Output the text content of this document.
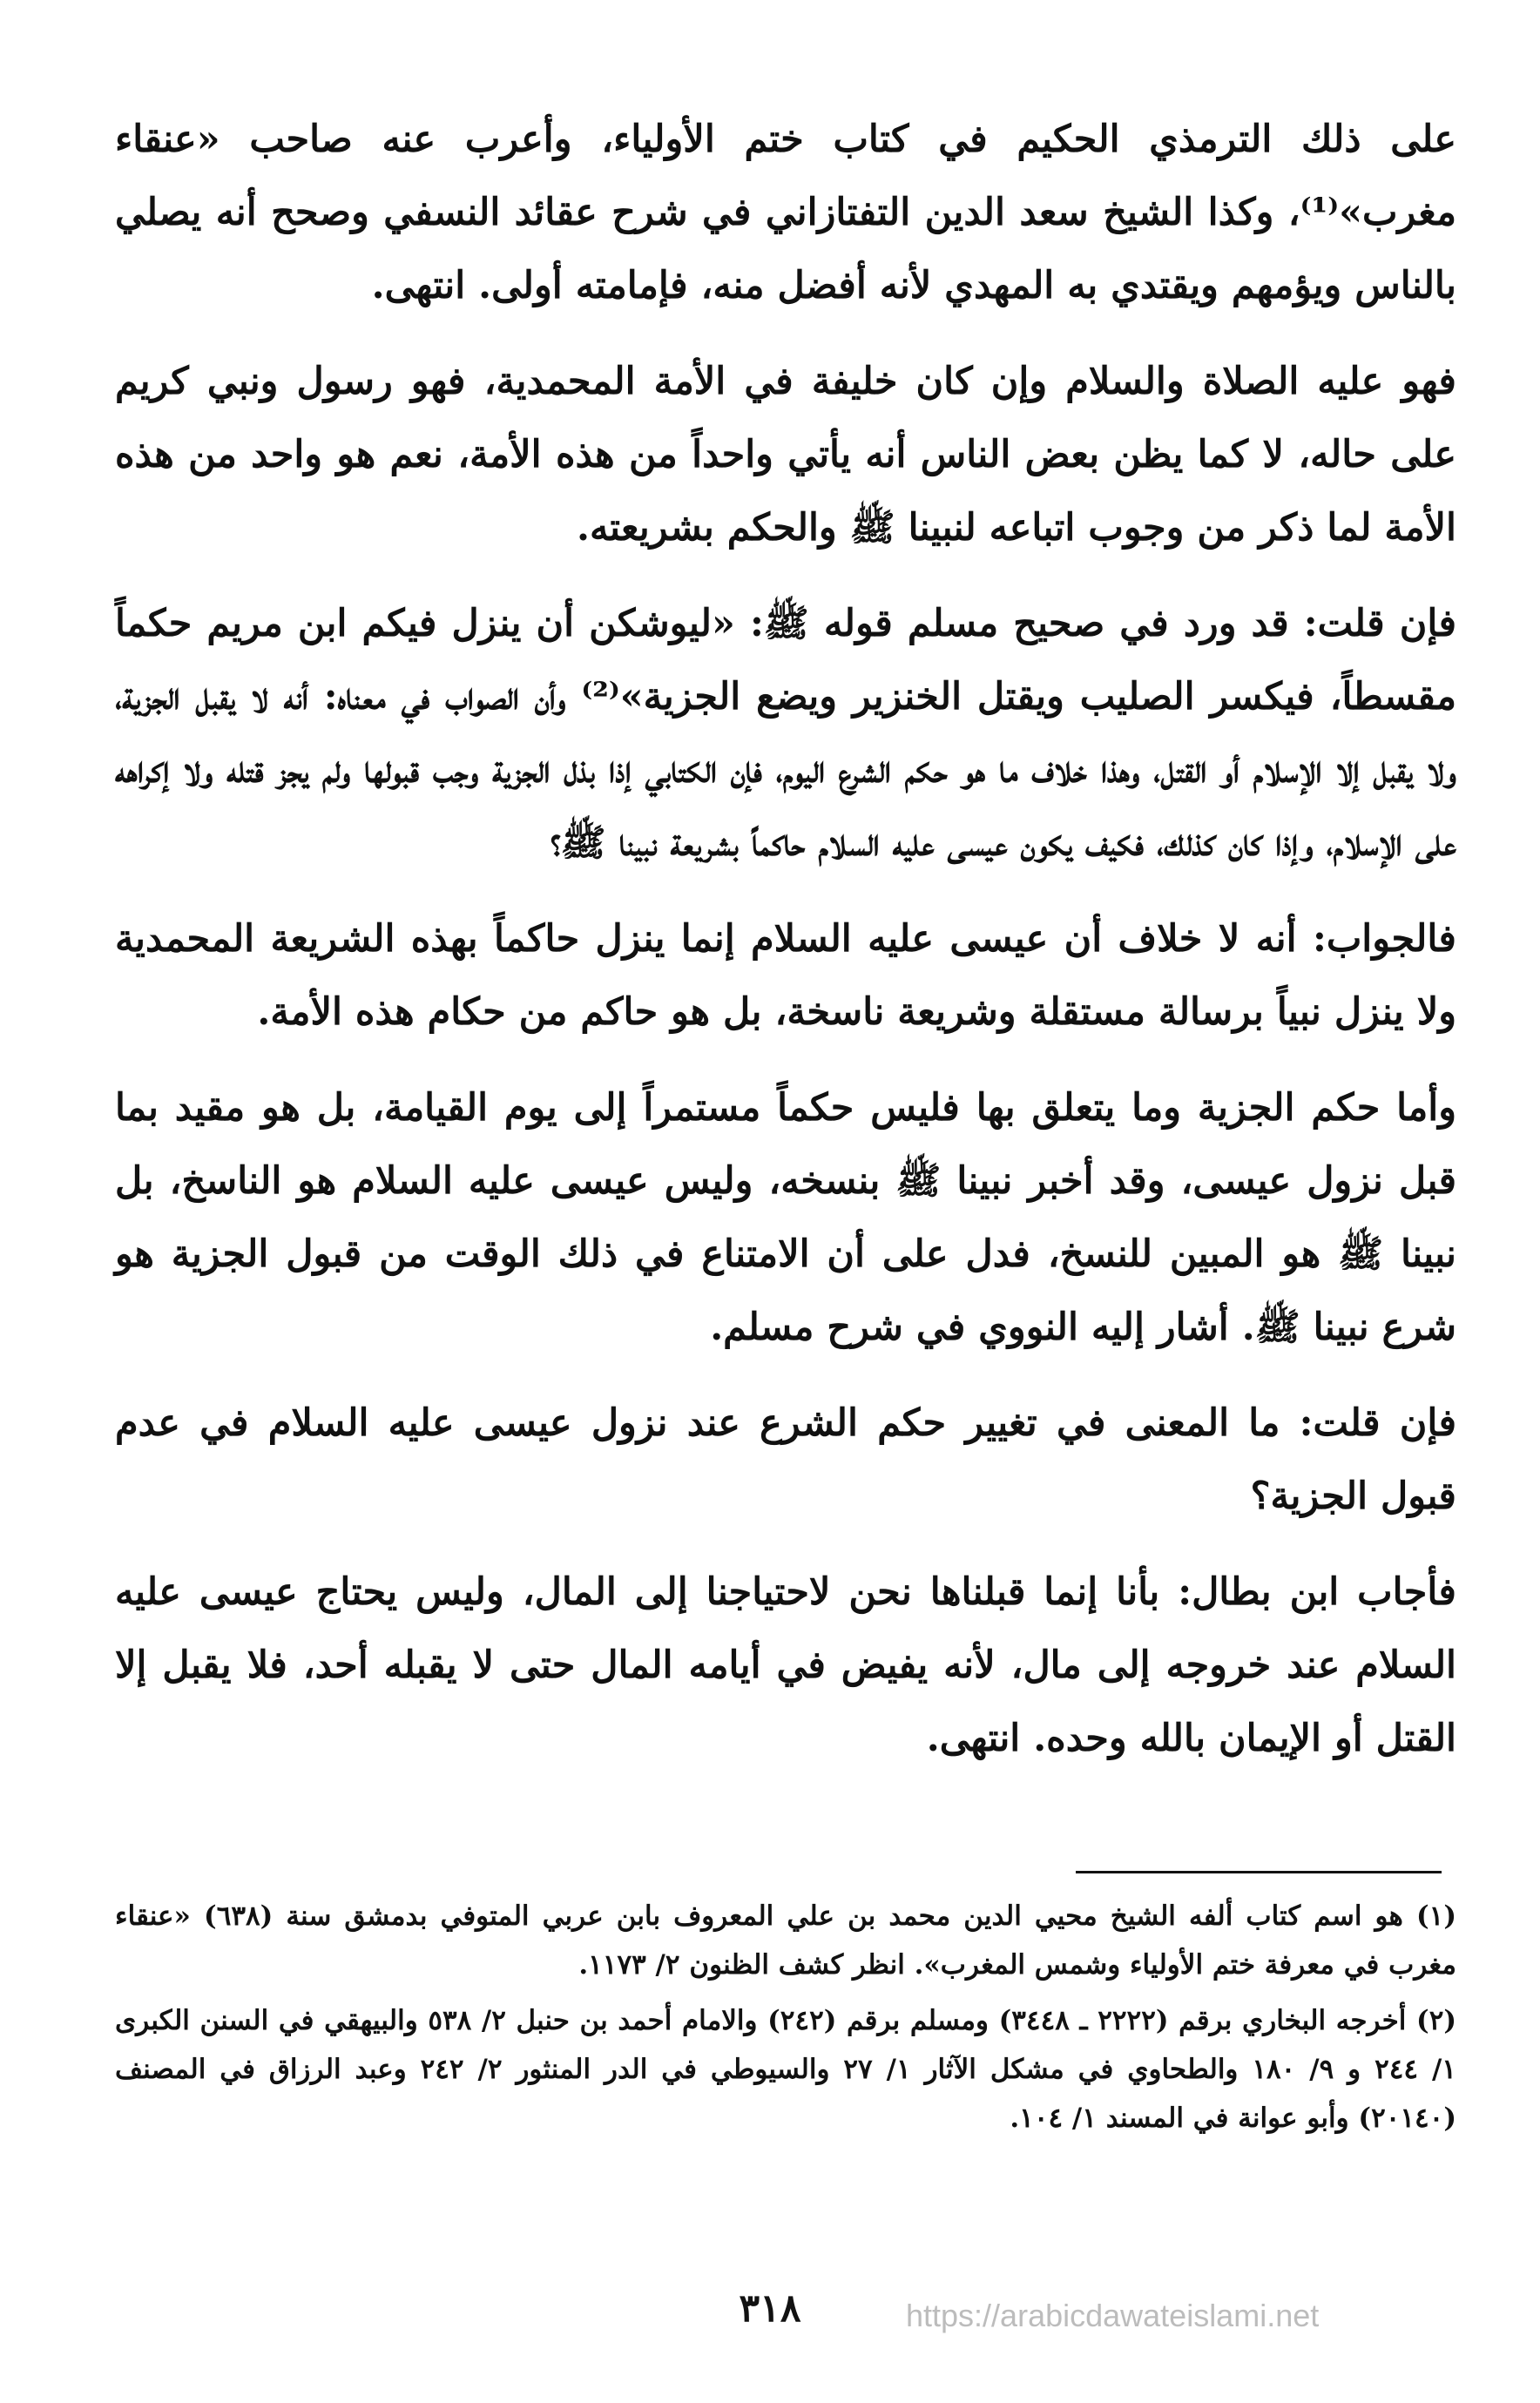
على ذلك الترمذي الحكيم في كتاب ختم الأولياء، وأعرب عنه صاحب «عنقاء مغرب»⁽¹⁾، وكذا الشيخ سعد الدين التفتازاني في شرح عقائد النسفي وصحح أنه يصلي بالناس ويؤمهم ويقتدي به المهدي لأنه أفضل منه، فإمامته أولى. انتهى.

فهو عليه الصلاة والسلام وإن كان خليفة في الأمة المحمدية، فهو رسول ونبي كريم على حاله، لا كما يظن بعض الناس أنه يأتي واحداً من هذه الأمة، نعم هو واحد من هذه الأمة لما ذكر من وجوب اتباعه لنبينا ﷺ والحكم بشريعته.

فإن قلت: قد ورد في صحيح مسلم قوله ﷺ: «ليوشكن أن ينزل فيكم ابن مريم حكماً مقسطاً، فيكسر الصليب ويقتل الخنزير ويضع الجزية»⁽²⁾ وأن الصواب في معناه: أنه لا يقبل الجزية، ولا يقبل إلا الإسلام أو القتل، وهذا خلاف ما هو حكم الشرع اليوم، فإن الكتابي إذا بذل الجزية وجب قبولها ولم يجز قتله ولا إكراهه على الإسلام، وإذا كان كذلك، فكيف يكون عيسى عليه السلام حاكماً بشريعة نبينا ﷺ؟

فالجواب: أنه لا خلاف أن عيسى عليه السلام إنما ينزل حاكماً بهذه الشريعة المحمدية ولا ينزل نبياً برسالة مستقلة وشريعة ناسخة، بل هو حاكم من حكام هذه الأمة.

وأما حكم الجزية وما يتعلق بها فليس حكماً مستمراً إلى يوم القيامة، بل هو مقيد بما قبل نزول عيسى، وقد أخبر نبينا ﷺ بنسخه، وليس عيسى عليه السلام هو الناسخ، بل نبينا ﷺ هو المبين للنسخ، فدل على أن الامتناع في ذلك الوقت من قبول الجزية هو شرع نبينا ﷺ. أشار إليه النووي في شرح مسلم.

فإن قلت: ما المعنى في تغيير حكم الشرع عند نزول عيسى عليه السلام في عدم قبول الجزية؟

فأجاب ابن بطال: بأنا إنما قبلناها نحن لاحتياجنا إلى المال، وليس يحتاج عيسى عليه السلام عند خروجه إلى مال، لأنه يفيض في أيامه المال حتى لا يقبله أحد، فلا يقبل إلا القتل أو الإيمان بالله وحده. انتهى.

(١) هو اسم كتاب ألفه الشيخ محيي الدين محمد بن علي المعروف بابن عربي المتوفي بدمشق سنة (٦٣٨) «عنقاء مغرب في معرفة ختم الأولياء وشمس المغرب». انظر كشف الظنون ٢/ ١١٧٣.

(٢) أخرجه البخاري برقم (٢٢٢٢ ـ ٣٤٤٨) ومسلم برقم (٢٤٢) والامام أحمد بن حنبل ٢/ ٥٣٨ والبيهقي في السنن الكبرى ١/ ٢٤٤ و ٩/ ١٨٠ والطحاوي في مشكل الآثار ١/ ٢٧ والسيوطي في الدر المنثور ٢/ ٢٤٢ وعبد الرزاق في المصنف (٢٠١٤٠) وأبو عوانة في المسند ١/ ١٠٤.

٣١٨	https://arabicdawateislami.net
